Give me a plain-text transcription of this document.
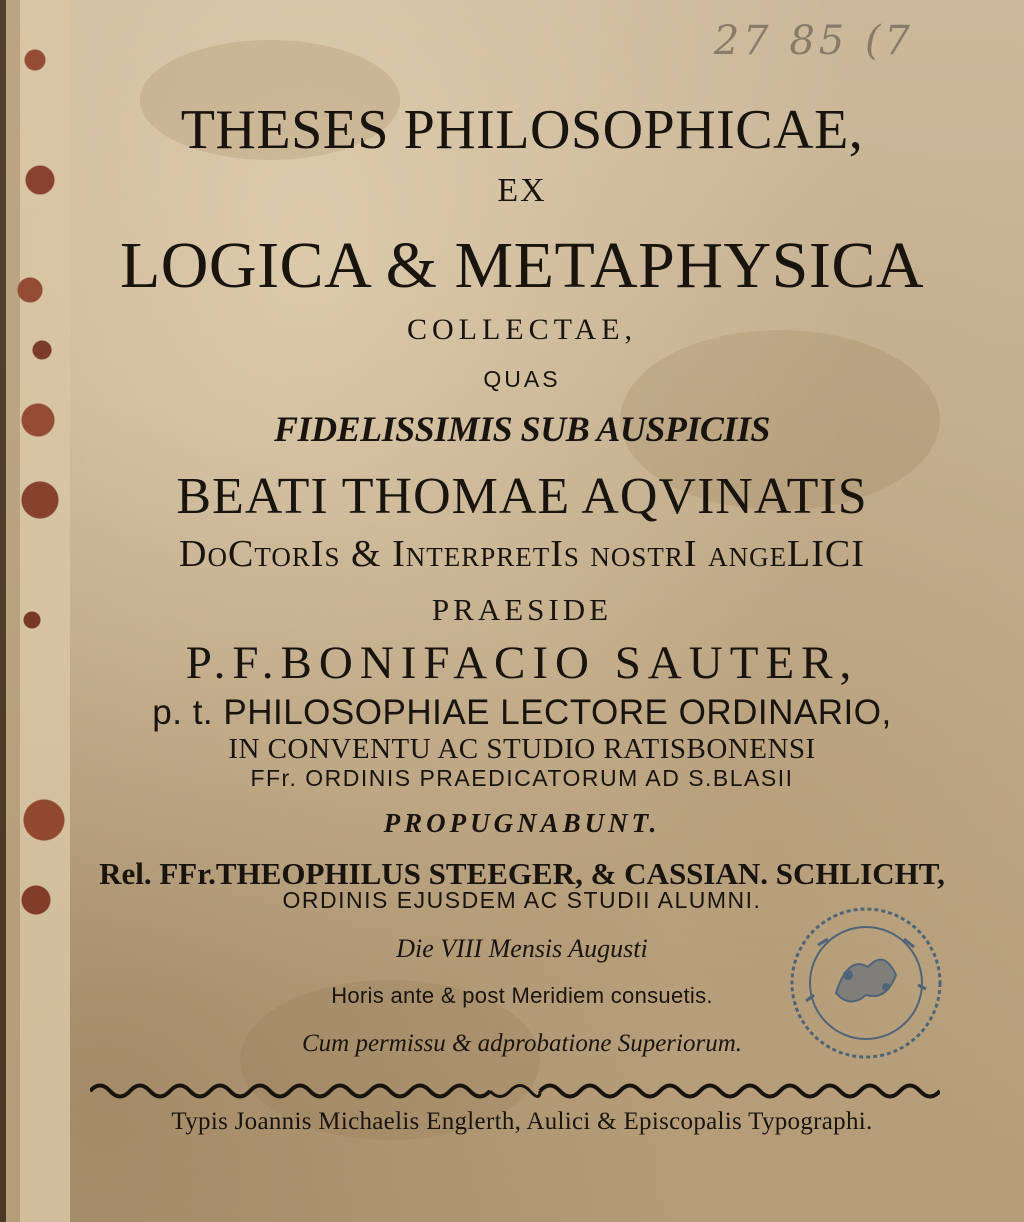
27 85 (7
THESES PHILOSOPHICAE,
EX
LOGICA & METAPHYSICA
COLLECTAE,
QUAS
FIDELISSIMIS SUB AUSPICIIS
BEATI THOMAE AQVINATIS
DoCtorIs & InterpretIs nostrI angeLICI
PRAESIDE
P.F.BONIFACIO SAUTER,
p. t. PHILOSOPHIAE LECTORE ORDINARIO,
IN CONVENTU AC STUDIO RATISBONENSI
FFr. ORDINIS PRAEDICATORUM AD S.BLASII
PROPUGNABUNT.
Rel. FFr.THEOPHILUS STEEGER, & CASSIAN. SCHLICHT,
ORDINIS EJUSDEM AC STUDII ALUMNI.
Die VIII Mensis Augusti
Horis ante & post Meridiem consuetis.
Cum permissu & adprobatione Superiorum.
Typis Joannis Michaelis Englerth, Aulici & Episcopalis Typographi.
